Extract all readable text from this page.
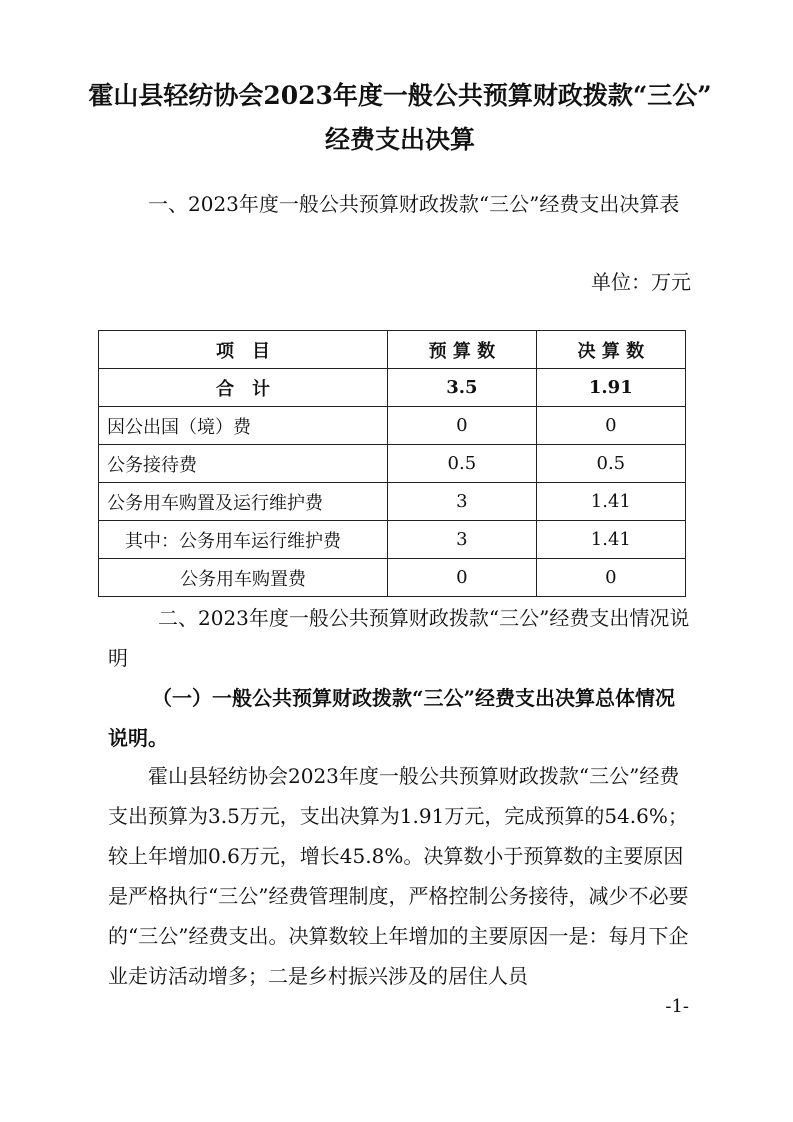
霍山县轻纺协会2023年度一般公共预算财政拨款“三公”
经费支出决算
一、2023年度一般公共预算财政拨款“三公”经费支出决算表
单位：万元
项　目	预 算 数	决 算 数
合　计	3.5	1.91
因公出国（境）费	0	0
公务接待费	0.5	0.5
公务用车购置及运行维护费	3	1.41
其中：公务用车运行维护费	3	1.41
公务用车购置费	0	0
二、2023年度一般公共预算财政拨款“三公”经费支出情况说明
（一）一般公共预算财政拨款“三公”经费支出决算总体情况说明。
霍山县轻纺协会2023年度一般公共预算财政拨款“三公”经费支出预算为3.5万元，支出决算为1.91万元，完成预算的54.6%；较上年增加0.6万元，增长45.8%。决算数小于预算数的主要原因是严格执行“三公”经费管理制度，严格控制公务接待，减少不必要的“三公”经费支出。决算数较上年增加的主要原因一是：每月下企业走访活动增多；二是乡村振兴涉及的居住人员
-1-
